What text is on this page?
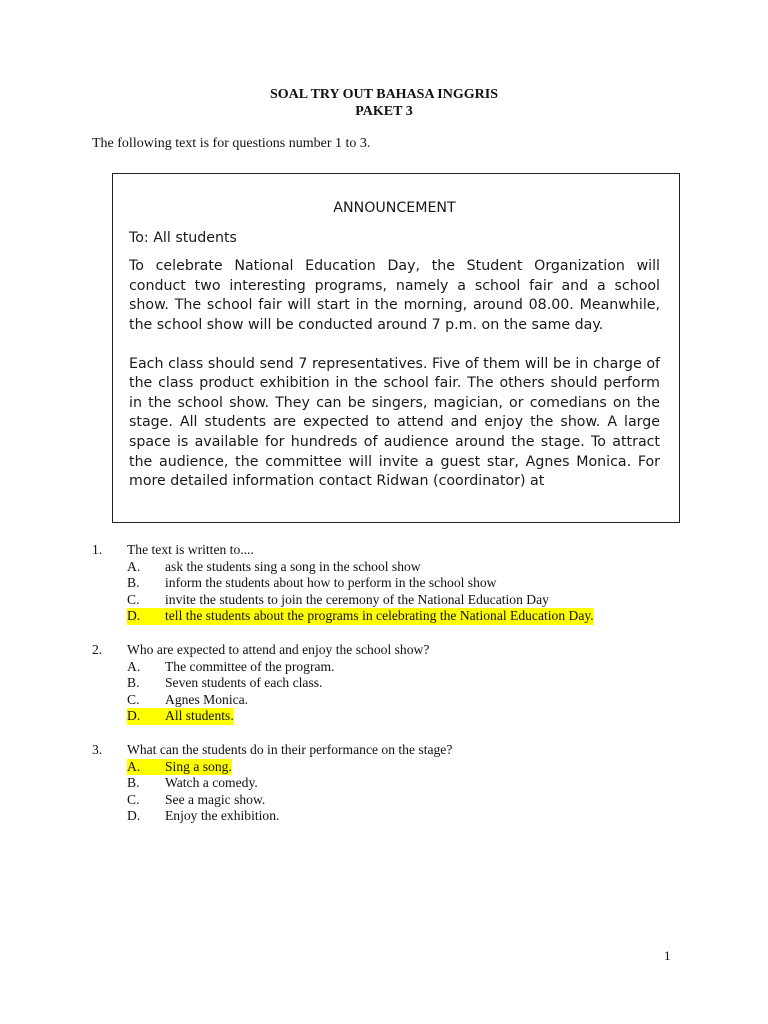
SOAL TRY OUT BAHASA INGGRIS
PAKET 3
The following text is for questions number 1 to 3.
ANNOUNCEMENT
To: All students

To celebrate National Education Day, the Student Organization will conduct two interesting programs, namely a school fair and a school show. The school fair will start in the morning, around 08.00. Meanwhile, the school show will be conducted around 7 p.m. on the same day.

Each class should send 7 representatives. Five of them will be in charge of the class product exhibition in the school fair. The others should perform in the school show. They can be singers, magician, or comedians on the stage. All students are expected to attend and enjoy the show. A large space is available for hundreds of audience around the stage. To attract the audience, the committee will invite a guest star, Agnes Monica. For more detailed information contact Ridwan (coordinator) at

1.	The text is written to....
A.	ask the students sing a song in the school show
B.	inform the students about how to perform in the school show
C.	invite the students to join the ceremony of the National Education Day
D.	tell the students about the programs in celebrating the National Education Day.
2.	Who are expected to attend and enjoy the school show?
A.	The committee of the program.
B.	Seven students of each class.
C.	Agnes Monica.
D.	All students.
3.	What can the students do in their performance on the stage?
A.	Sing a song.
B.	Watch a comedy.
C.	See a magic show.
D.	Enjoy the exhibition.
1
